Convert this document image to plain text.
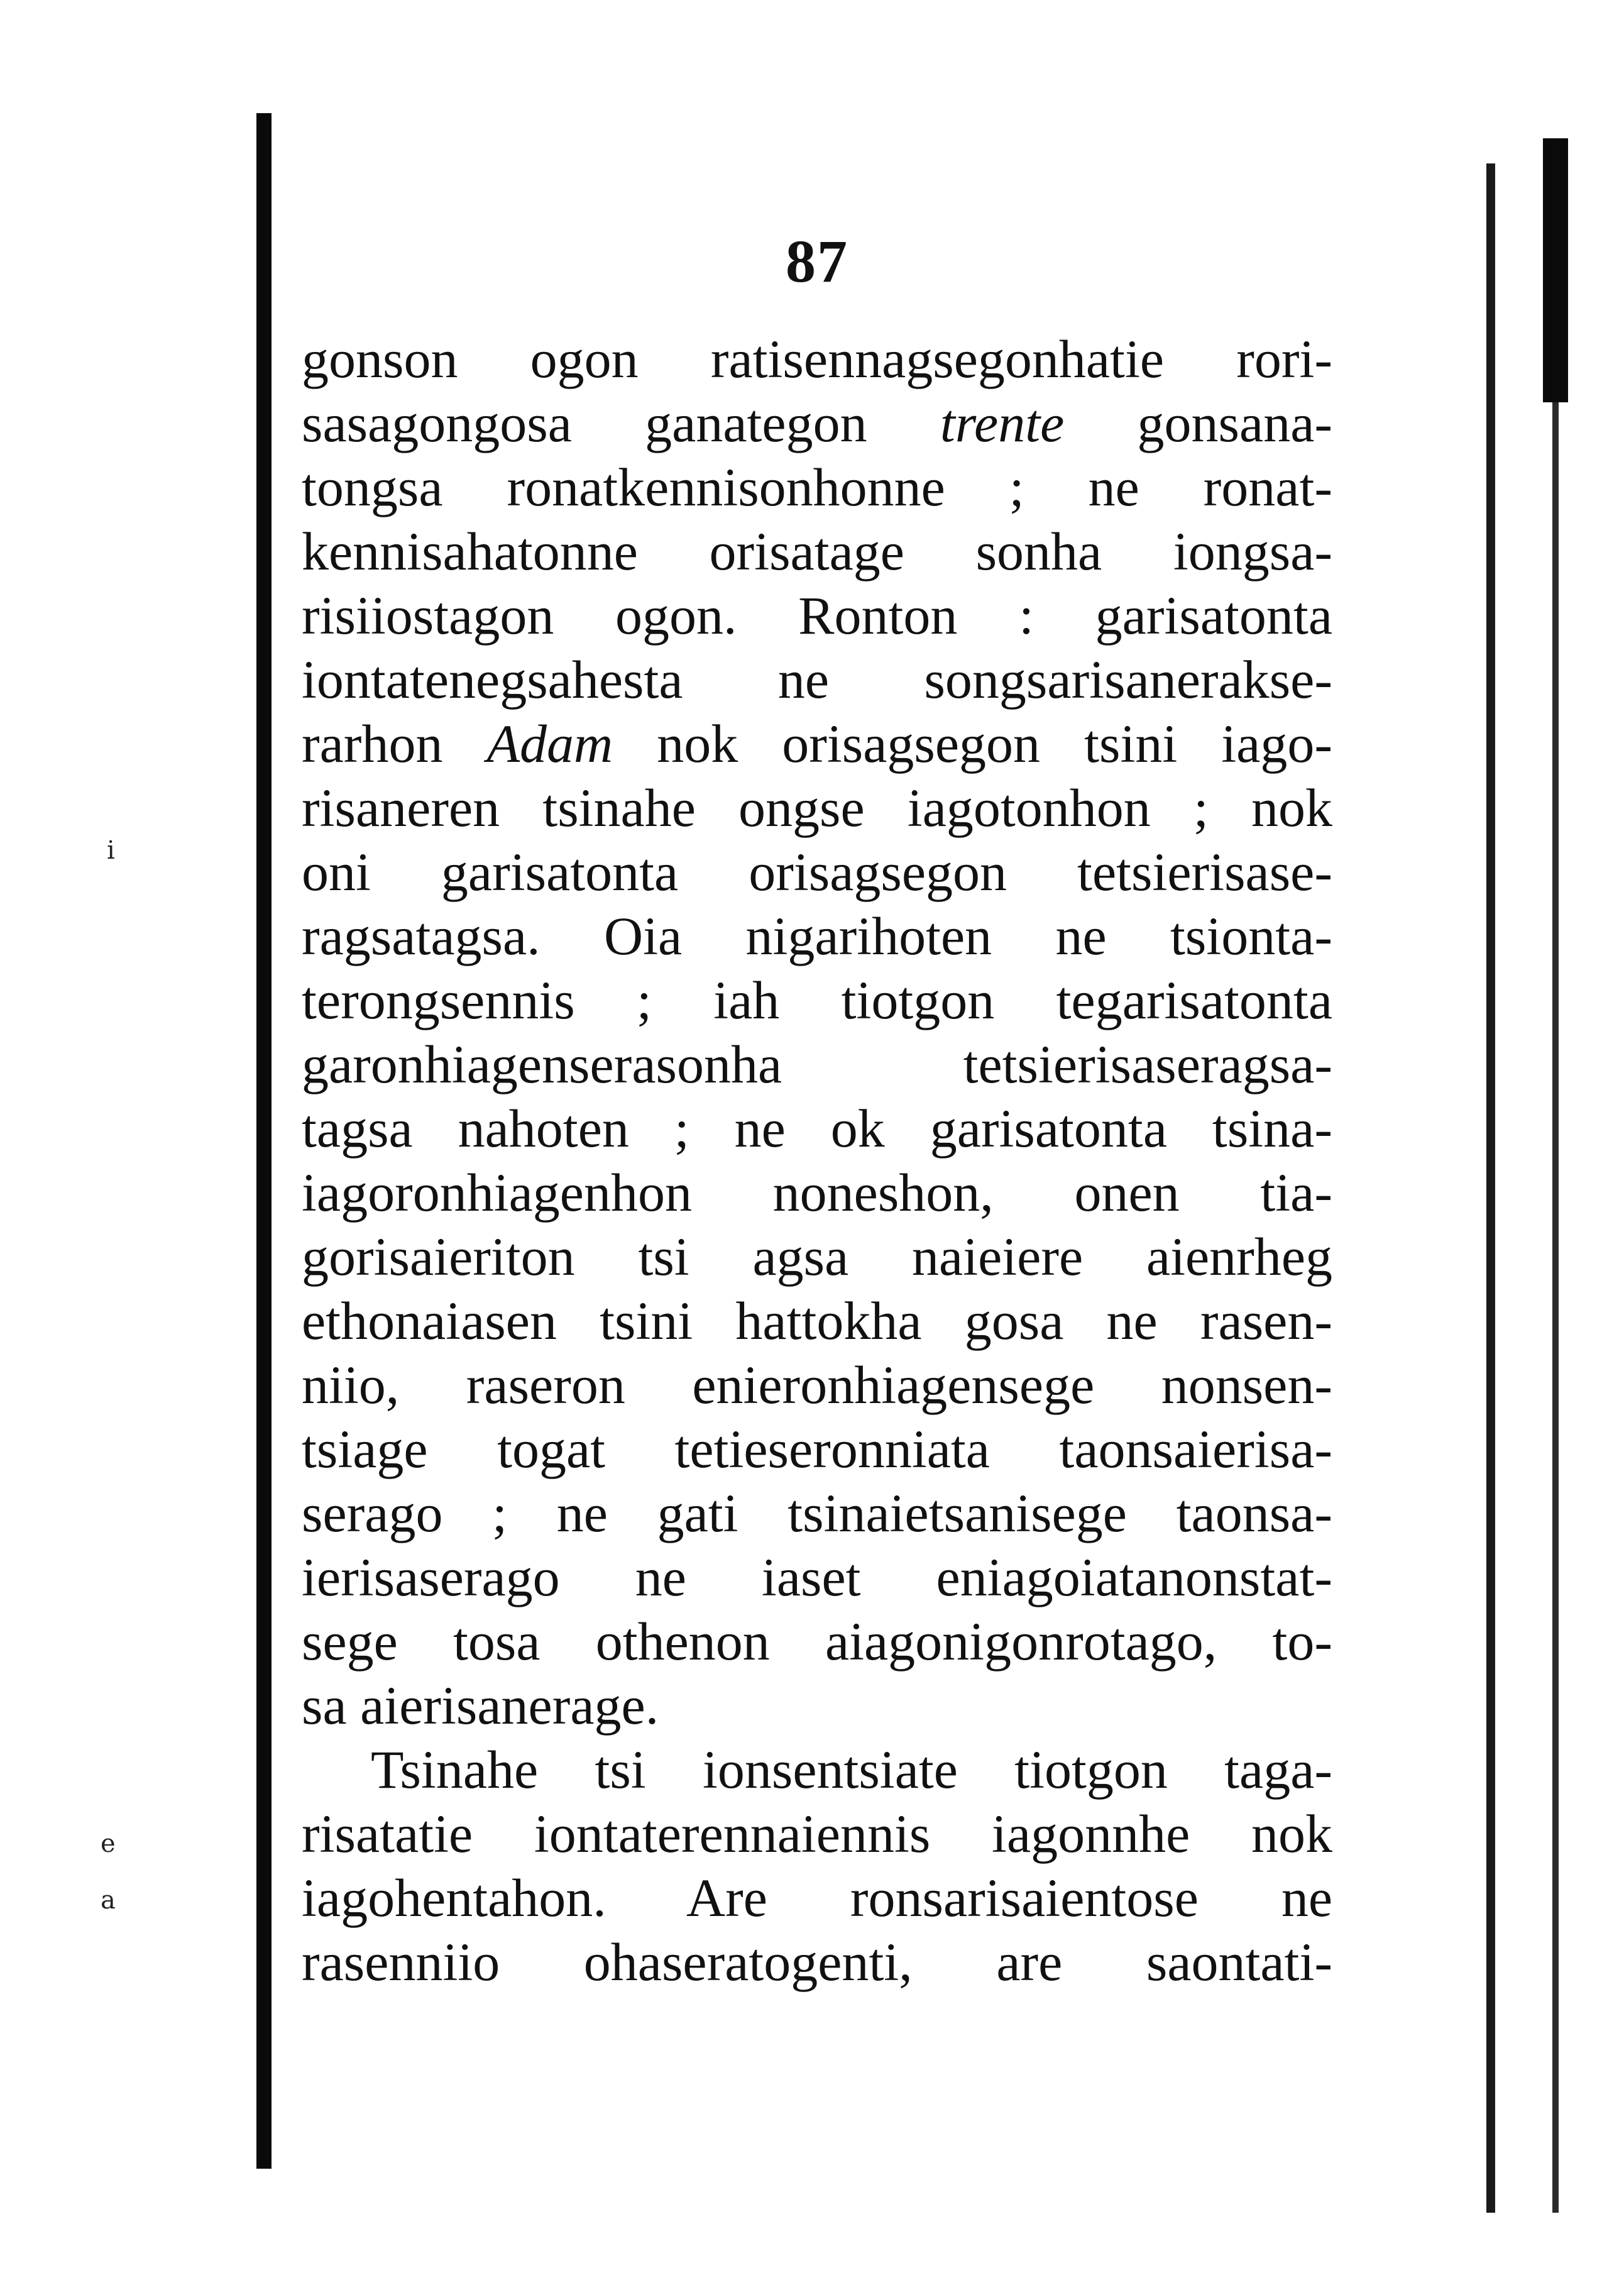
i
e
a
87
gonson ogon ratisennagsegonhatie rori-
sasagongosa ganategon trente gonsana-
tongsa ronatkennisonhonne ; ne ronat-
kennisahatonne orisatage sonha iongsa-
risiiostagon ogon. Ronton : garisatonta
iontatenegsahesta ne songsarisanerakse-
rarhon Adam nok orisagsegon tsini iago-
risaneren tsinahe ongse iagotonhon ; nok
oni garisatonta orisagsegon tetsierisase-
ragsatagsa. Oia nigarihoten ne tsionta-
terongsennis ; iah tiotgon tegarisatonta
garonhiagenserasonha tetsierisaseragsa-
tagsa nahoten ; ne ok garisatonta tsina-
iagoronhiagenhon noneshon, onen tia-
gorisaieriton tsi agsa naieiere aienrheg
ethonaiasen tsini hattokha gosa ne rasen-
niio, raseron enieronhiagensege nonsen-
tsiage togat tetieseronniata taonsaierisa-
serago ; ne gati tsinaietsanisege taonsa-
ierisaserago ne iaset eniagoiatanonstat-
sege tosa othenon aiagonigonrotago, to-
sa aierisanerage.
Tsinahe tsi ionsentsiate tiotgon taga-
risatatie iontaterennaiennis iagonnhe nok
iagohentahon. Are ronsarisaientose ne
rasenniio ohaseratogenti, are saontati-
